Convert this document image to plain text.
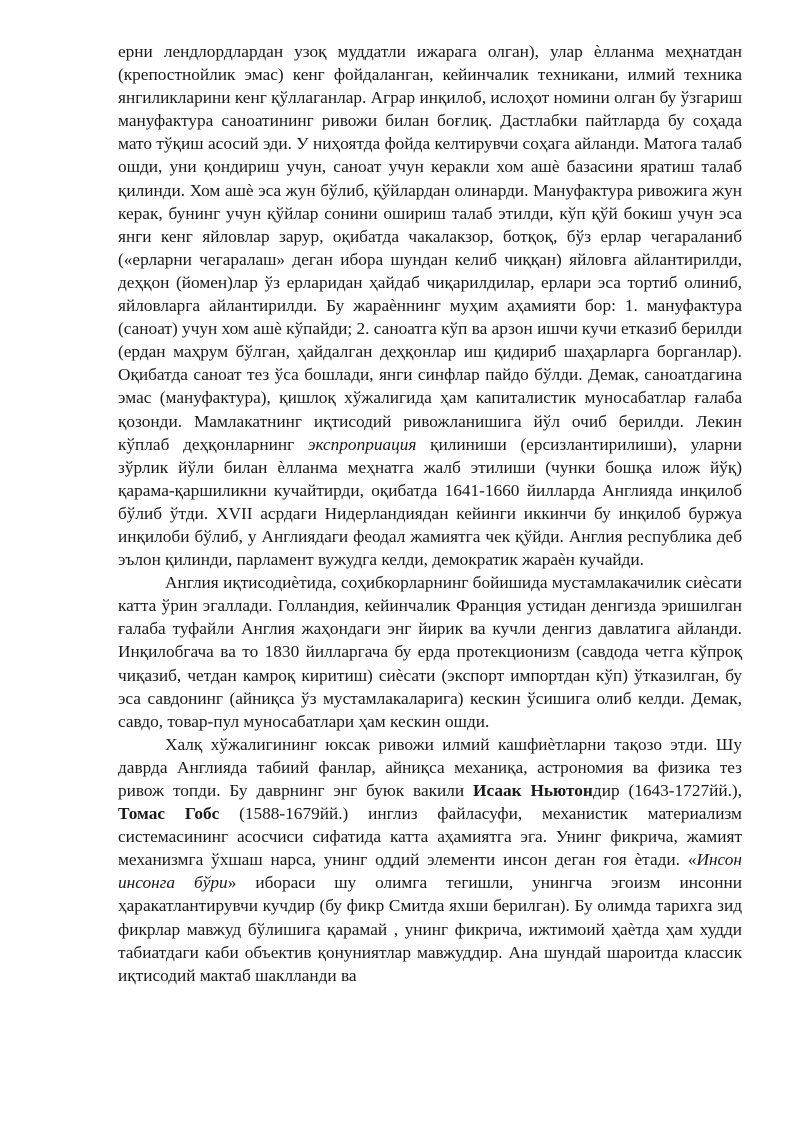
ерни лендлордлардан узоқ муддатли ижарага олган), улар ѐлланма меҳнатдан (крепостнойлик эмас) кенг фойдаланган, кейинчалик техникани, илмий техника янгиликларини кенг қўллаганлар. Аграр инқилоб, ислоҳот номини олган бу ўзгариш мануфактура саноатининг ривожи билан боғлиқ. Дастлабки пайтларда бу соҳада мато тўқиш асосий эди. У ниҳоятда фойда келтирувчи соҳага айланди. Матога талаб ошди, уни қондириш учун, саноат учун керакли хом ашѐ базасини яратиш талаб қилинди. Хом ашѐ эса жун бўлиб, қўйлардан олинарди. Мануфактура ривожига жун керак, бунинг учун қўйлар сонини ошириш талаб этилди, кўп қўй бокиш учун эса янги кенг яйловлар зарур, оқибатда чакалакзор, ботқоқ, бўз ерлар чегараланиб («ерларни чегаралаш» деган ибора шундан келиб чиққан) яйловга айлантирилди, деҳқон (йомен)лар ўз ерларидан ҳайдаб чиқарилдилар, ерлари эса тортиб олиниб, яйловларга айлантирилди. Бу жараѐннинг муҳим аҳамияти бор: 1. мануфактура (саноат) учун хом ашѐ кўпайди; 2. саноатга кўп ва арзон ишчи кучи етказиб берилди (ердан маҳрум бўлган, ҳайдалган деҳқонлар иш қидириб шаҳарларга борганлар). Оқибатда саноат тез ўса бошлади, янги синфлар пайдо бўлди. Демак, саноатдагина эмас (мануфактура), қишлоқ хўжалигида ҳам капиталистик муносабатлар ғалаба қозонди. Мамлакатнинг иқтисодий ривожланишига йўл очиб берилди. Лекин кўплаб деҳқонларнинг экспроприация қилиниши (ерсизлантирилиши), уларни зўрлик йўли билан ѐлланма меҳнатга жалб этилиши (чунки бошқа илож йўқ) қарама-қаршиликни кучайтирди, оқибатда 1641-1660 йилларда Англияда инқилоб бўлиб ўтди. XVII асрдаги Нидерландиядан кейинги иккинчи бу инқилоб буржуа инқилоби бўлиб, у Англиядаги феодал жамиятга чек қўйди. Англия республика деб эълон қилинди, парламент вужудга келди, демократик жараѐн кучайди.

Англия иқтисодиѐтида, соҳибкорларнинг бойишида мустамлакачилик сиѐсати катта ўрин эгаллади. Голландия, кейинчалик Франция устидан денгизда эришилган ғалаба туфайли Англия жаҳондаги энг йирик ва кучли денгиз давлатига айланди. Инқилобгача ва то 1830 йилларгача бу ерда протекционизм (савдода четга кўпроқ чиқазиб, четдан камроқ киритиш) сиѐсати (экспорт импортдан кўп) ўтказилган, бу эса савдонинг (айниқса ўз мустамлакаларига) кескин ўсишига олиб келди. Демак, савдо, товар-пул муносабатлари ҳам кескин ошди.

Халқ хўжалигининг юксак ривожи илмий кашфиѐтларни тақозо этди. Шу даврда Англияда табиий фанлар, айниқса механиқа, астрономия ва физика тез ривож топди. Бу даврнинг энг буюк вакили Исаак Ньютондир (1643-1727йй.), Томас Гобс (1588-1679йй.) инглиз файласуфи, механистик материализм системасининг асосчиси сифатида катта аҳамиятга эга. Унинг фикрича, жамият механизмга ўхшаш нарса, унинг оддий элементи инсон деган ғоя ѐтади. «Инсон инсонга бўри» ибораси шу олимга тегишли, унингча эгоизм инсонни ҳаракатлантирувчи кучдир (бу фикр Смитда яхши берилган). Бу олимда тарихга зид фикрлар мавжуд бўлишига қарамай , унинг фикрича, ижтимоий ҳаѐтда ҳам худди табиатдаги каби объектив қонуниятлар мавжуддир. Ана шундай шароитда классик иқтисодий мактаб шаклланди ва
